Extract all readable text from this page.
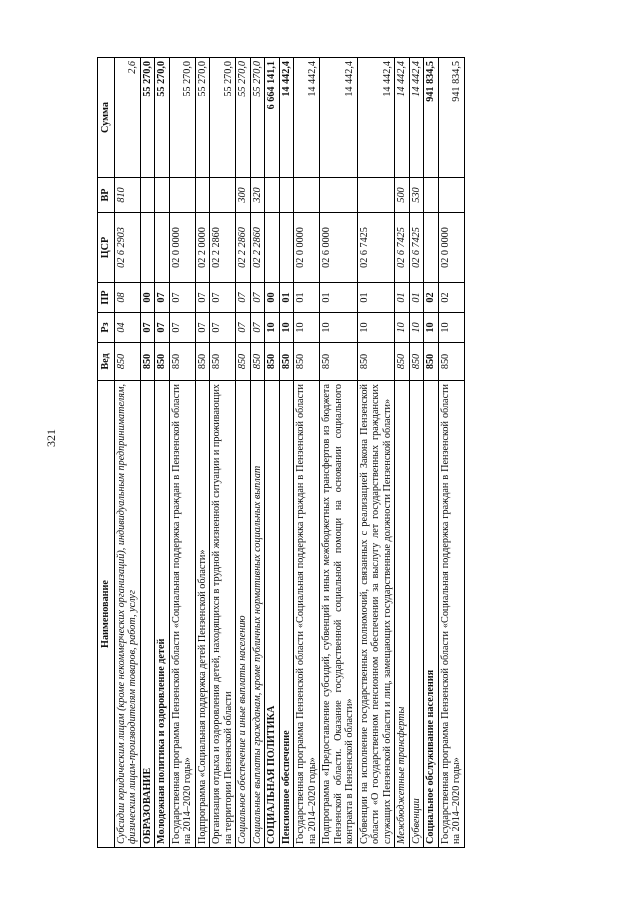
321
Наименование	Вед	Рз	ПР	ЦСР	ВР	Сумма
Субсидии юридическим лицам (кроме некоммерческих организаций), индивидуальным предпринимателям, физическим лицам-производителям товаров, работ, услуг	850	04	08	02 6 2903	810	2,6
ОБРАЗОВАНИЕ	850	07	00			55 270,0
Молодежная политика и оздоровление детей	850	07	07			55 270,0
Государственная программа Пензенской области «Социальная поддержка граждан в Пензенской области на 2014–2020 годы»	850	07	07	02 0 0000		55 270,0
Подпрограмма «Социальная поддержка детей Пензенской области»	850	07	07	02 2 0000		55 270,0
Организация отдыха и оздоровления детей, находящихся в трудной жизненной ситуации и проживающих на территории Пензенской области	850	07	07	02 2 2860		55 270,0
Социальное обеспечение и иные выплаты населению	850	07	07	02 2 2860	300	55 270,0
Социальные выплаты гражданам, кроме публичных нормативных социальных выплат	850	07	07	02 2 2860	320	55 270,0
СОЦИАЛЬНАЯ ПОЛИТИКА	850	10	00			6 664 141,1
Пенсионное обеспечение	850	10	01			14 442,4
Государственная программа Пензенской области «Социальная поддержка граждан в Пензенской области на 2014–2020 годы»	850	10	01	02 0 0000		14 442,4
Подпрограмма «Предоставление субсидий, субвенций и иных межбюджетных трансфертов из бюджета Пензенской области. Оказание государственной социальной помощи на основании социального контракта в Пензенской области»	850	10	01	02 6 0000		14 442,4
Субвенции на исполнение государственных полномочий, связанных с реализацией Закона Пензенской области «О государственном пенсионном обеспечении за выслугу лет государственных гражданских служащих Пензенской области и лиц, замещающих государственные должности Пензенской области»	850	10	01	02 6 7425		14 442,4
Межбюджетные трансферты	850	10	01	02 6 7425	500	14 442,4
Субвенции	850	10	01	02 6 7425	530	14 442,4
Социальное обслуживание населения	850	10	02			941 834,5
Государственная программа Пензенской области «Социальная поддержка граждан в Пензенской области на 2014–2020 годы»	850	10	02	02 0 0000		941 834,5
